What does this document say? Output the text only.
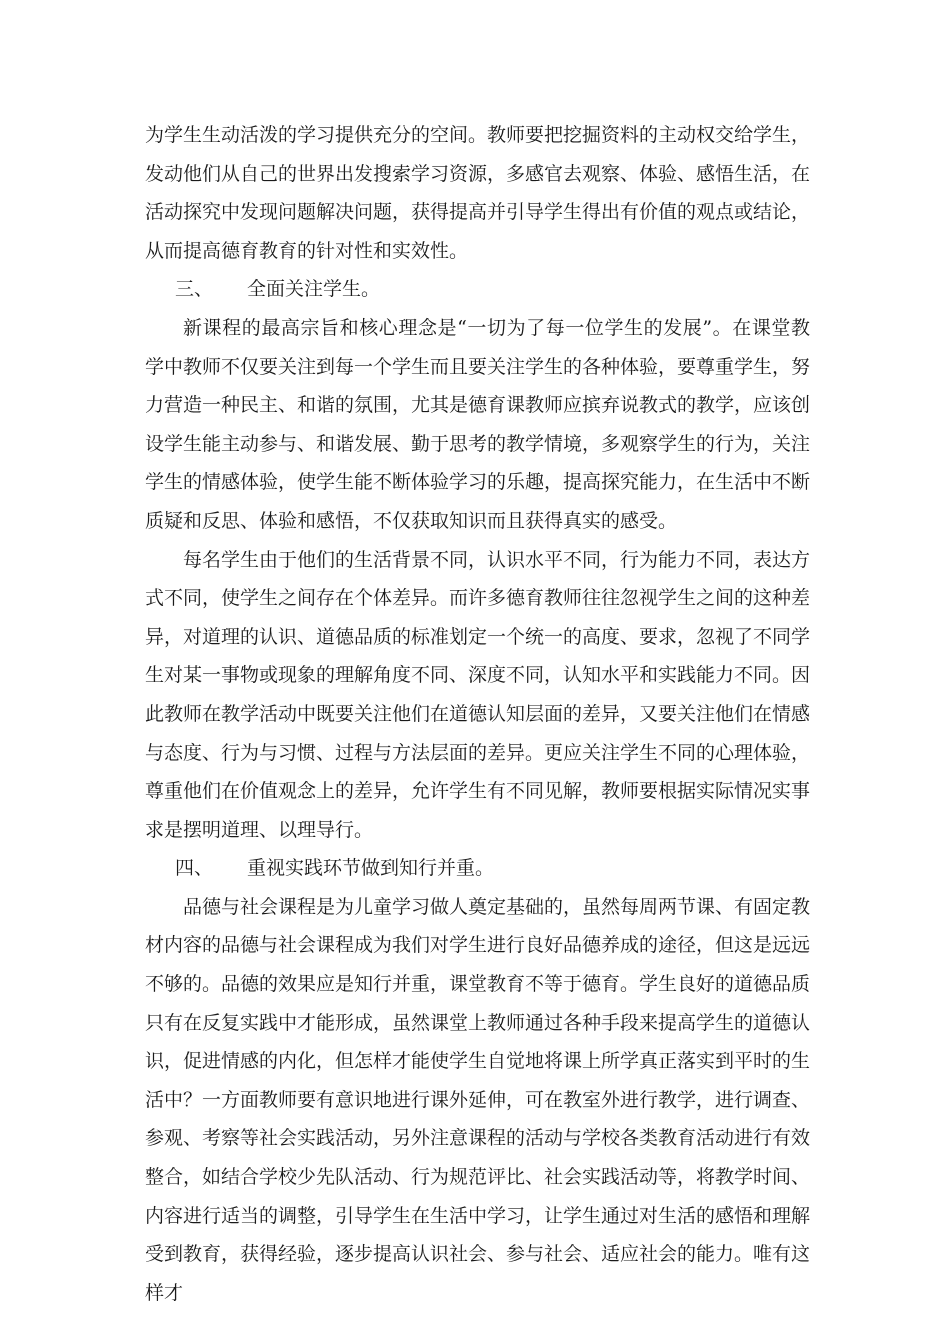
为学生生动活泼的学习提供充分的空间。教师要把挖掘资料的主动权交给学生，发动他们从自己的世界出发搜索学习资源，多感官去观察、体验、感悟生活，在活动探究中发现问题解决问题，获得提高并引导学生得出有价值的观点或结论，从而提高德育教育的针对性和实效性。

三、 全面关注学生。

新课程的最高宗旨和核心理念是“一切为了每一位学生的发展”。在课堂教学中教师不仅要关注到每一个学生而且要关注学生的各种体验，要尊重学生，努力营造一种民主、和谐的氛围，尤其是德育课教师应摈弃说教式的教学，应该创设学生能主动参与、和谐发展、勤于思考的教学情境，多观察学生的行为，关注学生的情感体验，使学生能不断体验学习的乐趣，提高探究能力，在生活中不断质疑和反思、体验和感悟，不仅获取知识而且获得真实的感受。

每名学生由于他们的生活背景不同，认识水平不同，行为能力不同，表达方式不同，使学生之间存在个体差异。而许多德育教师往往忽视学生之间的这种差异，对道理的认识、道德品质的标准划定一个统一的高度、要求，忽视了不同学生对某一事物或现象的理解角度不同、深度不同，认知水平和实践能力不同。因此教师在教学活动中既要关注他们在道德认知层面的差异，又要关注他们在情感与态度、行为与习惯、过程与方法层面的差异。更应关注学生不同的心理体验，尊重他们在价值观念上的差异，允许学生有不同见解，教师要根据实际情况实事求是摆明道理、以理导行。

四、 重视实践环节做到知行并重。

品德与社会课程是为儿童学习做人奠定基础的，虽然每周两节课、有固定教材内容的品德与社会课程成为我们对学生进行良好品德养成的途径，但这是远远不够的。品德的效果应是知行并重，课堂教育不等于德育。学生良好的道德品质只有在反复实践中才能形成，虽然课堂上教师通过各种手段来提高学生的道德认识，促进情感的内化，但怎样才能使学生自觉地将课上所学真正落实到平时的生活中？一方面教师要有意识地进行课外延伸，可在教室外进行教学，进行调查、参观、考察等社会实践活动，另外注意课程的活动与学校各类教育活动进行有效整合，如结合学校少先队活动、行为规范评比、社会实践活动等，将教学时间、内容进行适当的调整，引导学生在生活中学习，让学生通过对生活的感悟和理解受到教育，获得经验，逐步提高认识社会、参与社会、适应社会的能力。唯有这样才
